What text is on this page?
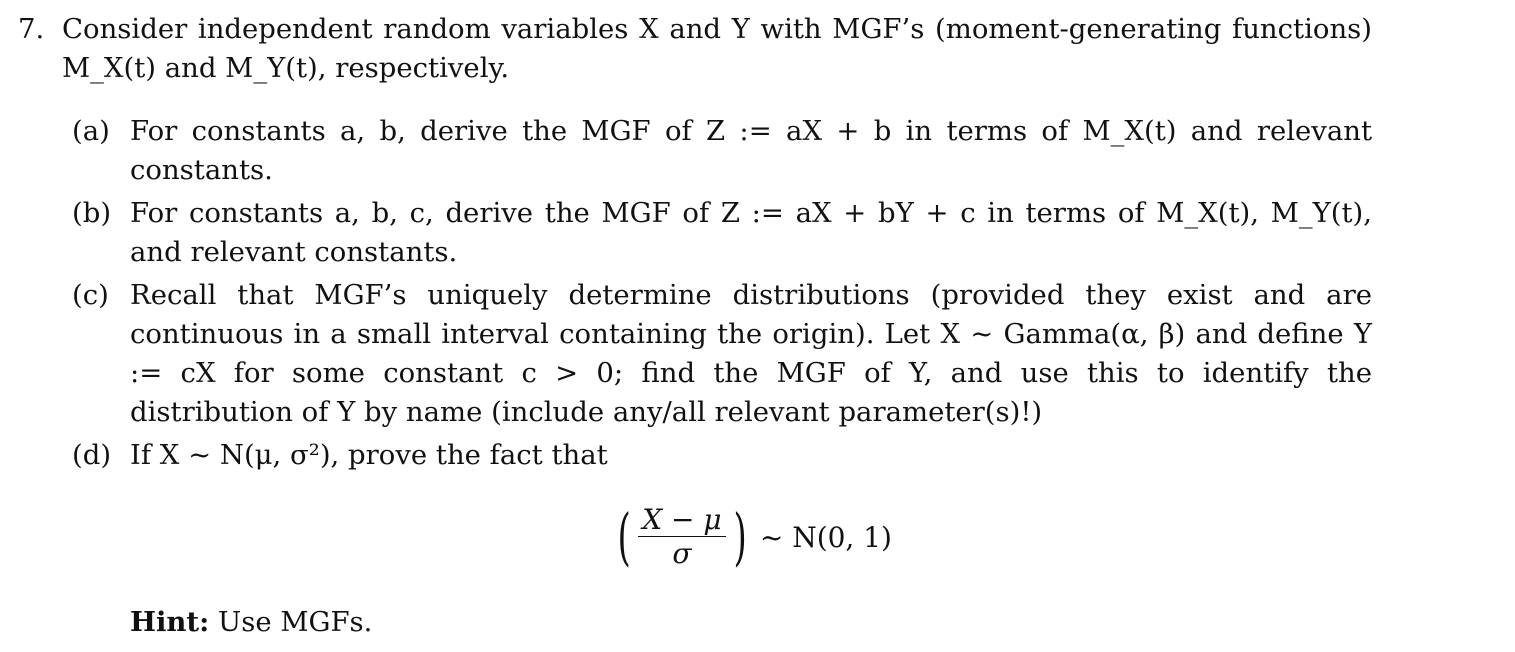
7. Consider independent random variables X and Y with MGF’s (moment-generating functions) M_X(t) and M_Y(t), respectively.
(a) For constants a, b, derive the MGF of Z := aX + b in terms of M_X(t) and relevant constants.
(b) For constants a, b, c, derive the MGF of Z := aX + bY + c in terms of M_X(t), M_Y(t), and relevant constants.
(c) Recall that MGF’s uniquely determine distributions (provided they exist and are continuous in a small interval containing the origin). Let X ~ Gamma(α, β) and define Y := cX for some constant c > 0; find the MGF of Y, and use this to identify the distribution of Y by name (include any/all relevant parameter(s)!)
(d) If X ~ N(μ, σ²), prove the fact that
( $\frac{X - \mu}{\sigma}$ ) ~ N(0, 1)
Hint: Use MGFs.
